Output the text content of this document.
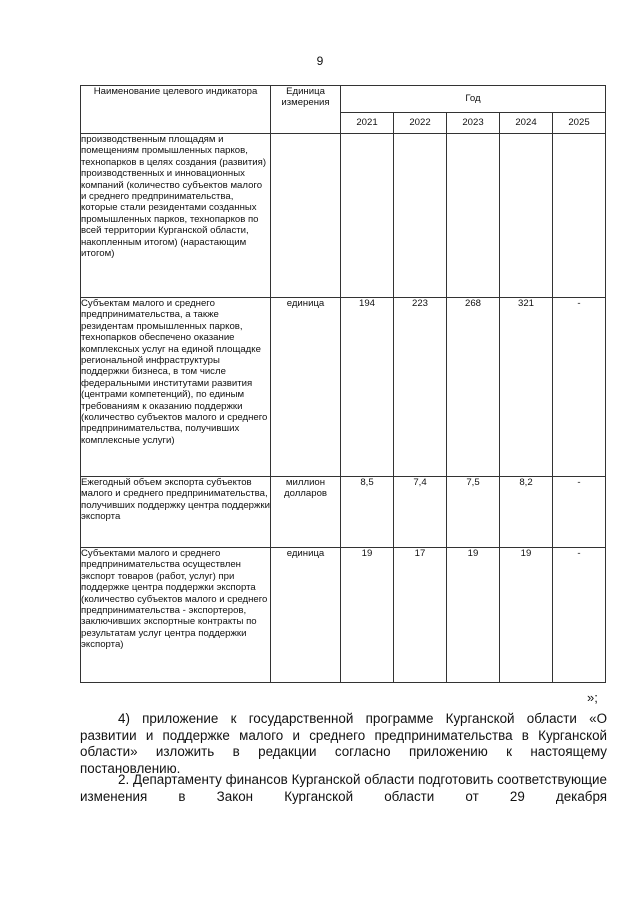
9
Наименование целевого индикатора	Единица измерения	Год				
		2021	2022	2023	2024	2025
производственным площадям и помещениям промышленных парков, технопарков в целях создания (развития) производственных и инновационных компаний (количество субъектов малого и среднего предпринимательства, которые стали резидентами созданных промышленных парков, технопарков по всей территории Курганской области, накопленным итогом) (нарастающим итогом)						
Субъектам малого и среднего предпринимательства, а также резидентам промышленных парков, технопарков обеспечено оказание комплексных услуг на единой площадке региональной инфраструктуры поддержки бизнеса, в том числе федеральными институтами развития (центрами компетенций), по единым требованиям к оказанию поддержки (количество субъектов малого и среднего предпринимательства, получивших комплексные услуги)	единица	194	223	268	321	-
Ежегодный объем экспорта субъектов малого и среднего предпринимательства, получивших поддержку центра поддержки экспорта	миллион долларов	8,5	7,4	7,5	8,2	-
Субъектами малого и среднего предпринимательства осуществлен экспорт товаров (работ, услуг) при поддержке центра поддержки экспорта (количество субъектов малого и среднего предпринимательства - экспортеров, заключивших экспортные контракты по результатам услуг центра поддержки экспорта)	единица	19	17	19	19	-
»;
4) приложение к государственной программе Курганской области «О развитии и поддержке малого и среднего предпринимательства в Курганской области» изложить в редакции согласно приложению к настоящему постановлению.
2. Департаменту финансов Курганской области подготовить соответствующие изменения в Закон Курганской области от 29 декабря
